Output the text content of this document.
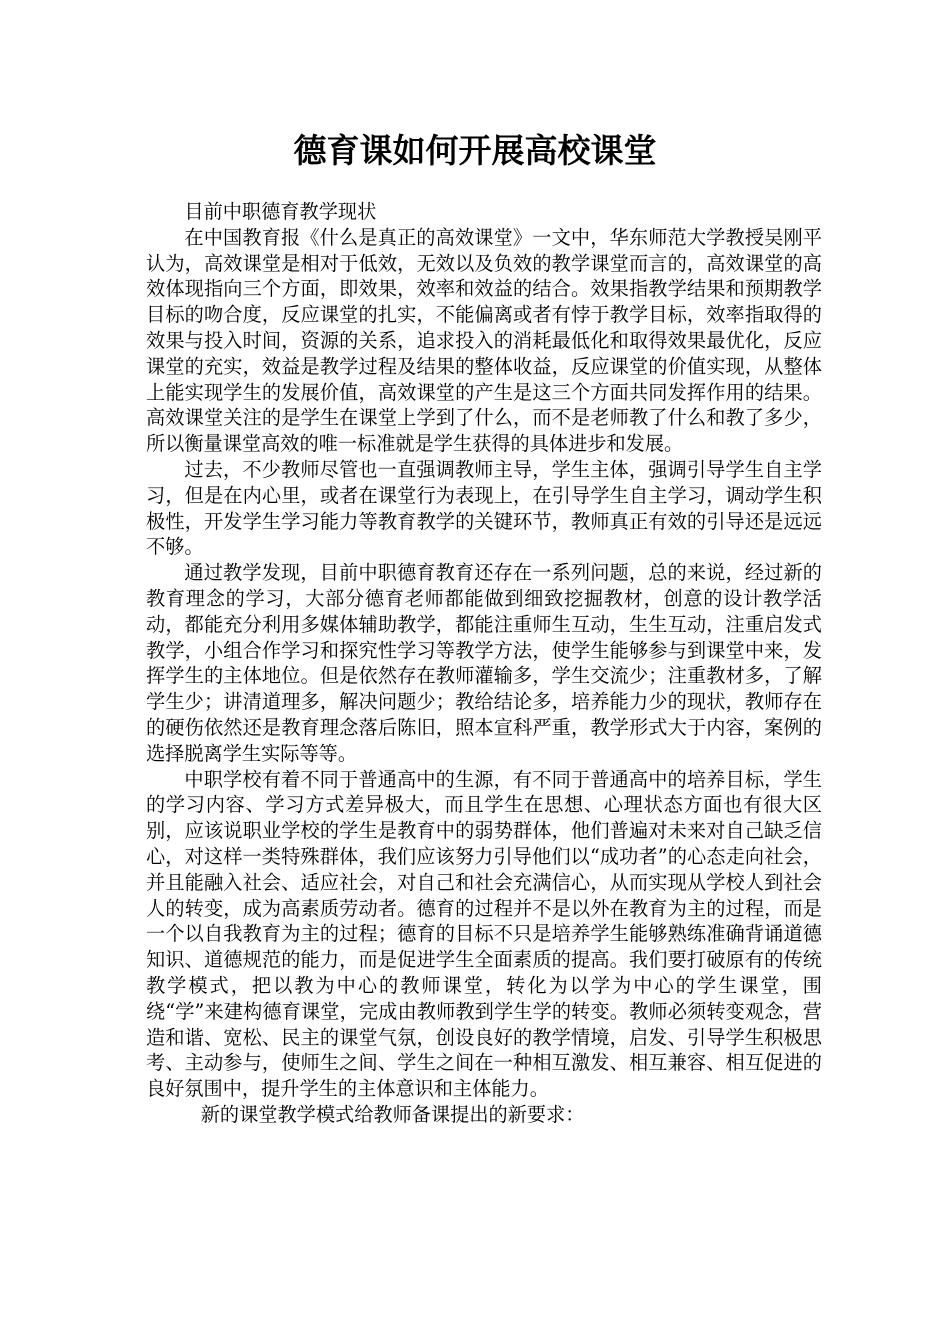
德育课如何开展高校课堂

目前中职德育教学现状

在中国教育报《什么是真正的高效课堂》一文中，华东师范大学教授吴刚平认为，高效课堂是相对于低效，无效以及负效的教学课堂而言的，高效课堂的高效体现指向三个方面，即效果，效率和效益的结合。效果指教学结果和预期教学目标的吻合度，反应课堂的扎实，不能偏离或者有悖于教学目标，效率指取得的效果与投入时间，资源的关系，追求投入的消耗最低化和取得效果最优化，反应课堂的充实，效益是教学过程及结果的整体收益，反应课堂的价值实现，从整体上能实现学生的发展价值，高效课堂的产生是这三个方面共同发挥作用的结果。高效课堂关注的是学生在课堂上学到了什么，而不是老师教了什么和教了多少，所以衡量课堂高效的唯一标准就是学生获得的具体进步和发展。

过去，不少教师尽管也一直强调教师主导，学生主体，强调引导学生自主学习，但是在内心里，或者在课堂行为表现上，在引导学生自主学习，调动学生积极性，开发学生学习能力等教育教学的关键环节，教师真正有效的引导还是远远不够。

通过教学发现，目前中职德育教育还存在一系列问题，总的来说，经过新的教育理念的学习，大部分德育老师都能做到细致挖掘教材，创意的设计教学活动，都能充分利用多媒体辅助教学，都能注重师生互动，生生互动，注重启发式教学，小组合作学习和探究性学习等教学方法，使学生能够参与到课堂中来，发挥学生的主体地位。但是依然存在教师灌输多，学生交流少；注重教材多，了解学生少；讲清道理多，解决问题少；教给结论多，培养能力少的现状，教师存在的硬伤依然还是教育理念落后陈旧，照本宣科严重，教学形式大于内容，案例的选择脱离学生实际等等。

中职学校有着不同于普通高中的生源，有不同于普通高中的培养目标，学生的学习内容、学习方式差异极大，而且学生在思想、心理状态方面也有很大区别，应该说职业学校的学生是教育中的弱势群体，他们普遍对未来对自己缺乏信心，对这样一类特殊群体，我们应该努力引导他们以“成功者”的心态走向社会，并且能融入社会、适应社会，对自己和社会充满信心，从而实现从学校人到社会人的转变，成为高素质劳动者。德育的过程并不是以外在教育为主的过程，而是一个以自我教育为主的过程；德育的目标不只是培养学生能够熟练准确背诵道德知识、道德规范的能力，而是促进学生全面素质的提高。我们要打破原有的传统教学模式，把以教为中心的教师课堂，转化为以学为中心的学生课堂，围绕“学”来建构德育课堂，完成由教师教到学生学的转变。教师必须转变观念，营造和谐、宽松、民主的课堂气氛，创设良好的教学情境，启发、引导学生积极思考、主动参与，使师生之间、学生之间在一种相互激发、相互兼容、相互促进的良好氛围中，提升学生的主体意识和主体能力。

新的课堂教学模式给教师备课提出的新要求：
